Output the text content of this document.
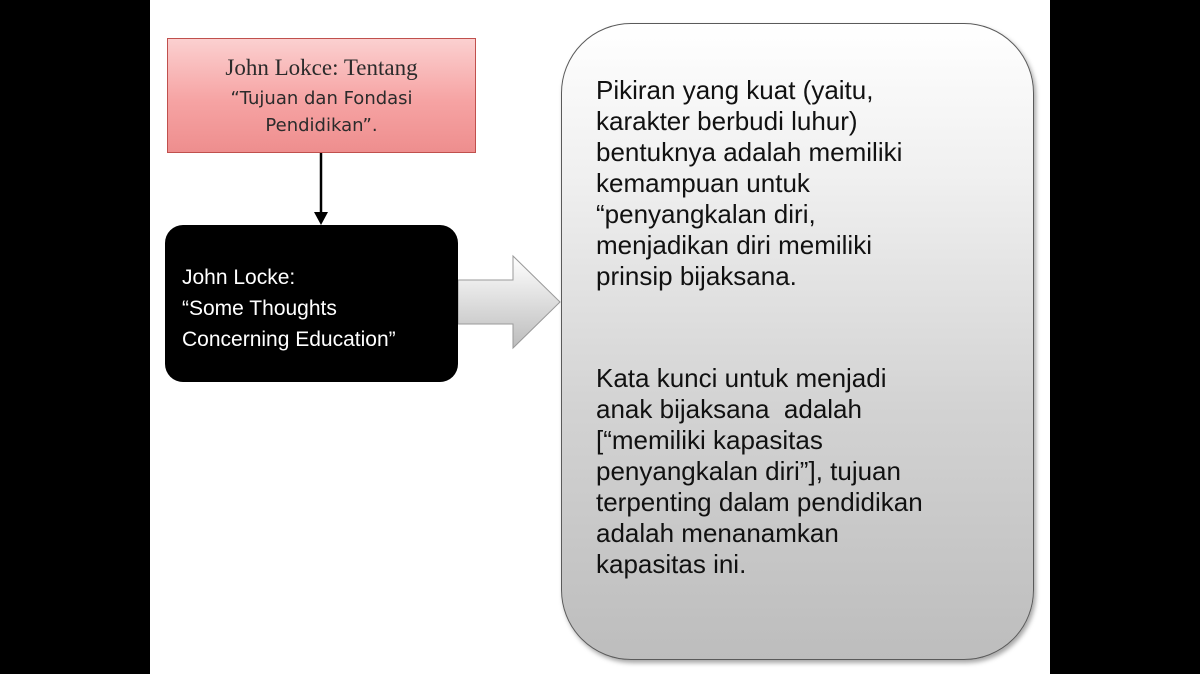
John Lokce: Tentang
“Tujuan dan Fondasi
Pendidikan”.
John Locke:
“Some Thoughts
Concerning Education”
Pikiran yang kuat (yaitu,
karakter berbudi luhur)
bentuknya adalah memiliki
kemampuan untuk
“penyangkalan diri,
menjadikan diri memiliki
prinsip bijaksana.
Kata kunci untuk menjadi
anak bijaksana  adalah
[“memiliki kapasitas
penyangkalan diri”], tujuan
terpenting dalam pendidikan
adalah menanamkan
kapasitas ini.
